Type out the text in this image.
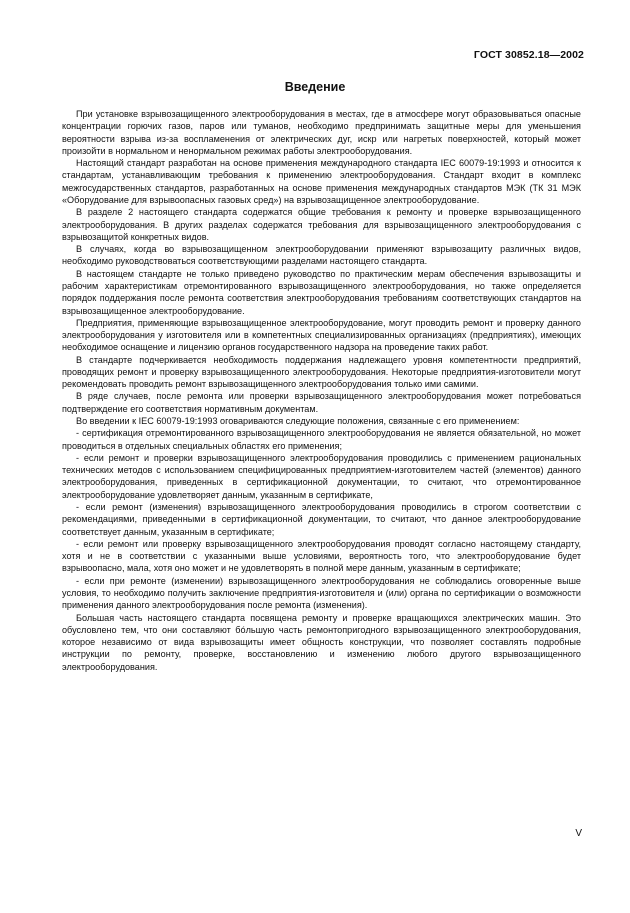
ГОСТ 30852.18—2002
Введение

При установке взрывозащищенного электрооборудования в местах, где в атмосфере могут образовываться опасные концентрации горючих газов, паров или туманов, необходимо предпринимать защитные меры для уменьшения вероятности взрыва из-за воспламенения от электрических дуг, искр или нагретых поверхностей, который может произойти в нормальном и ненормальном режимах работы электрооборудования.

Настоящий стандарт разработан на основе применения международного стандарта IEC 60079-19:1993 и относится к стандартам, устанавливающим требования к применению электрооборудования. Стандарт входит в комплекс межгосударственных стандартов, разработанных на основе применения международных стандартов МЭК (ТК 31 МЭК «Оборудование для взрывоопасных газовых сред») на взрывозащищенное электрооборудование.

В разделе 2 настоящего стандарта содержатся общие требования к ремонту и проверке взрывозащищенного электрооборудования. В других разделах содержатся требования для взрывозащищенного электрооборудования с взрывозащитой конкретных видов.

В случаях, когда во взрывозащищенном электрооборудовании применяют взрывозащиту различных видов, необходимо руководствоваться соответствующими разделами настоящего стандарта.

В настоящем стандарте не только приведено руководство по практическим мерам обеспечения взрывозащиты и рабочим характеристикам отремонтированного взрывозащищенного электрооборудования, но также определяется порядок поддержания после ремонта соответствия электрооборудования требованиям соответствующих стандартов на взрывозащищенное электрооборудование.

Предприятия, применяющие взрывозащищенное электрооборудование, могут проводить ремонт и проверку данного электрооборудования у изготовителя или в компетентных специализированных организациях (предприятиях), имеющих необходимое оснащение и лицензию органов государственного надзора на проведение таких работ.

В стандарте подчеркивается необходимость поддержания надлежащего уровня компетентности предприятий, проводящих ремонт и проверку взрывозащищенного электрооборудования. Некоторые предприятия-изготовители могут рекомендовать проводить ремонт взрывозащищенного электрооборудования только ими самими.

В ряде случаев, после ремонта или проверки взрывозащищенного электрооборудования может потребоваться подтверждение его соответствия нормативным документам.

Во введении к IEC 60079-19:1993 оговариваются следующие положения, связанные с его применением:

- сертификация отремонтированного взрывозащищенного электрооборудования не является обязательной, но может проводиться в отдельных специальных областях его применения;

- если ремонт и проверки взрывозащищенного электрооборудования проводились с применением рациональных технических методов с использованием специфицированных предприятием-изготовителем частей (элементов) данного электрооборудования, приведенных в сертификационной документации, то считают, что отремонтированное электрооборудование удовлетворяет данным, указанным в сертификате,

- если ремонт (изменения) взрывозащищенного электрооборудования проводились в строгом соответствии с рекомендациями, приведенными в сертификационной документации, то считают, что данное электрооборудование соответствует данным, указанным в сертификате;

- если ремонт или проверку взрывозащищенного электрооборудования проводят согласно настоящему стандарту, хотя и не в соответствии с указанными выше условиями, вероятность того, что электрооборудование будет взрывоопасно, мала, хотя оно может и не удовлетворять в полной мере данным, указанным в сертификате;

- если при ремонте (изменении) взрывозащищенного электрооборудования не соблюдались оговоренные выше условия, то необходимо получить заключение предприятия-изготовителя и (или) органа по сертификации о возможности применения данного электрооборудования после ремонта (изменения).

Большая часть настоящего стандарта посвящена ремонту и проверке вращающихся электрических машин. Это обусловлено тем, что они составляют бóльшую часть ремонтопригодного взрывозащищенного электрооборудования, которое независимо от вида взрывозащиты имеет общность конструкции, что позволяет составлять подробные инструкции по ремонту, проверке, восстановлению и изменению любого другого взрывозащищенного электрооборудования.

V
